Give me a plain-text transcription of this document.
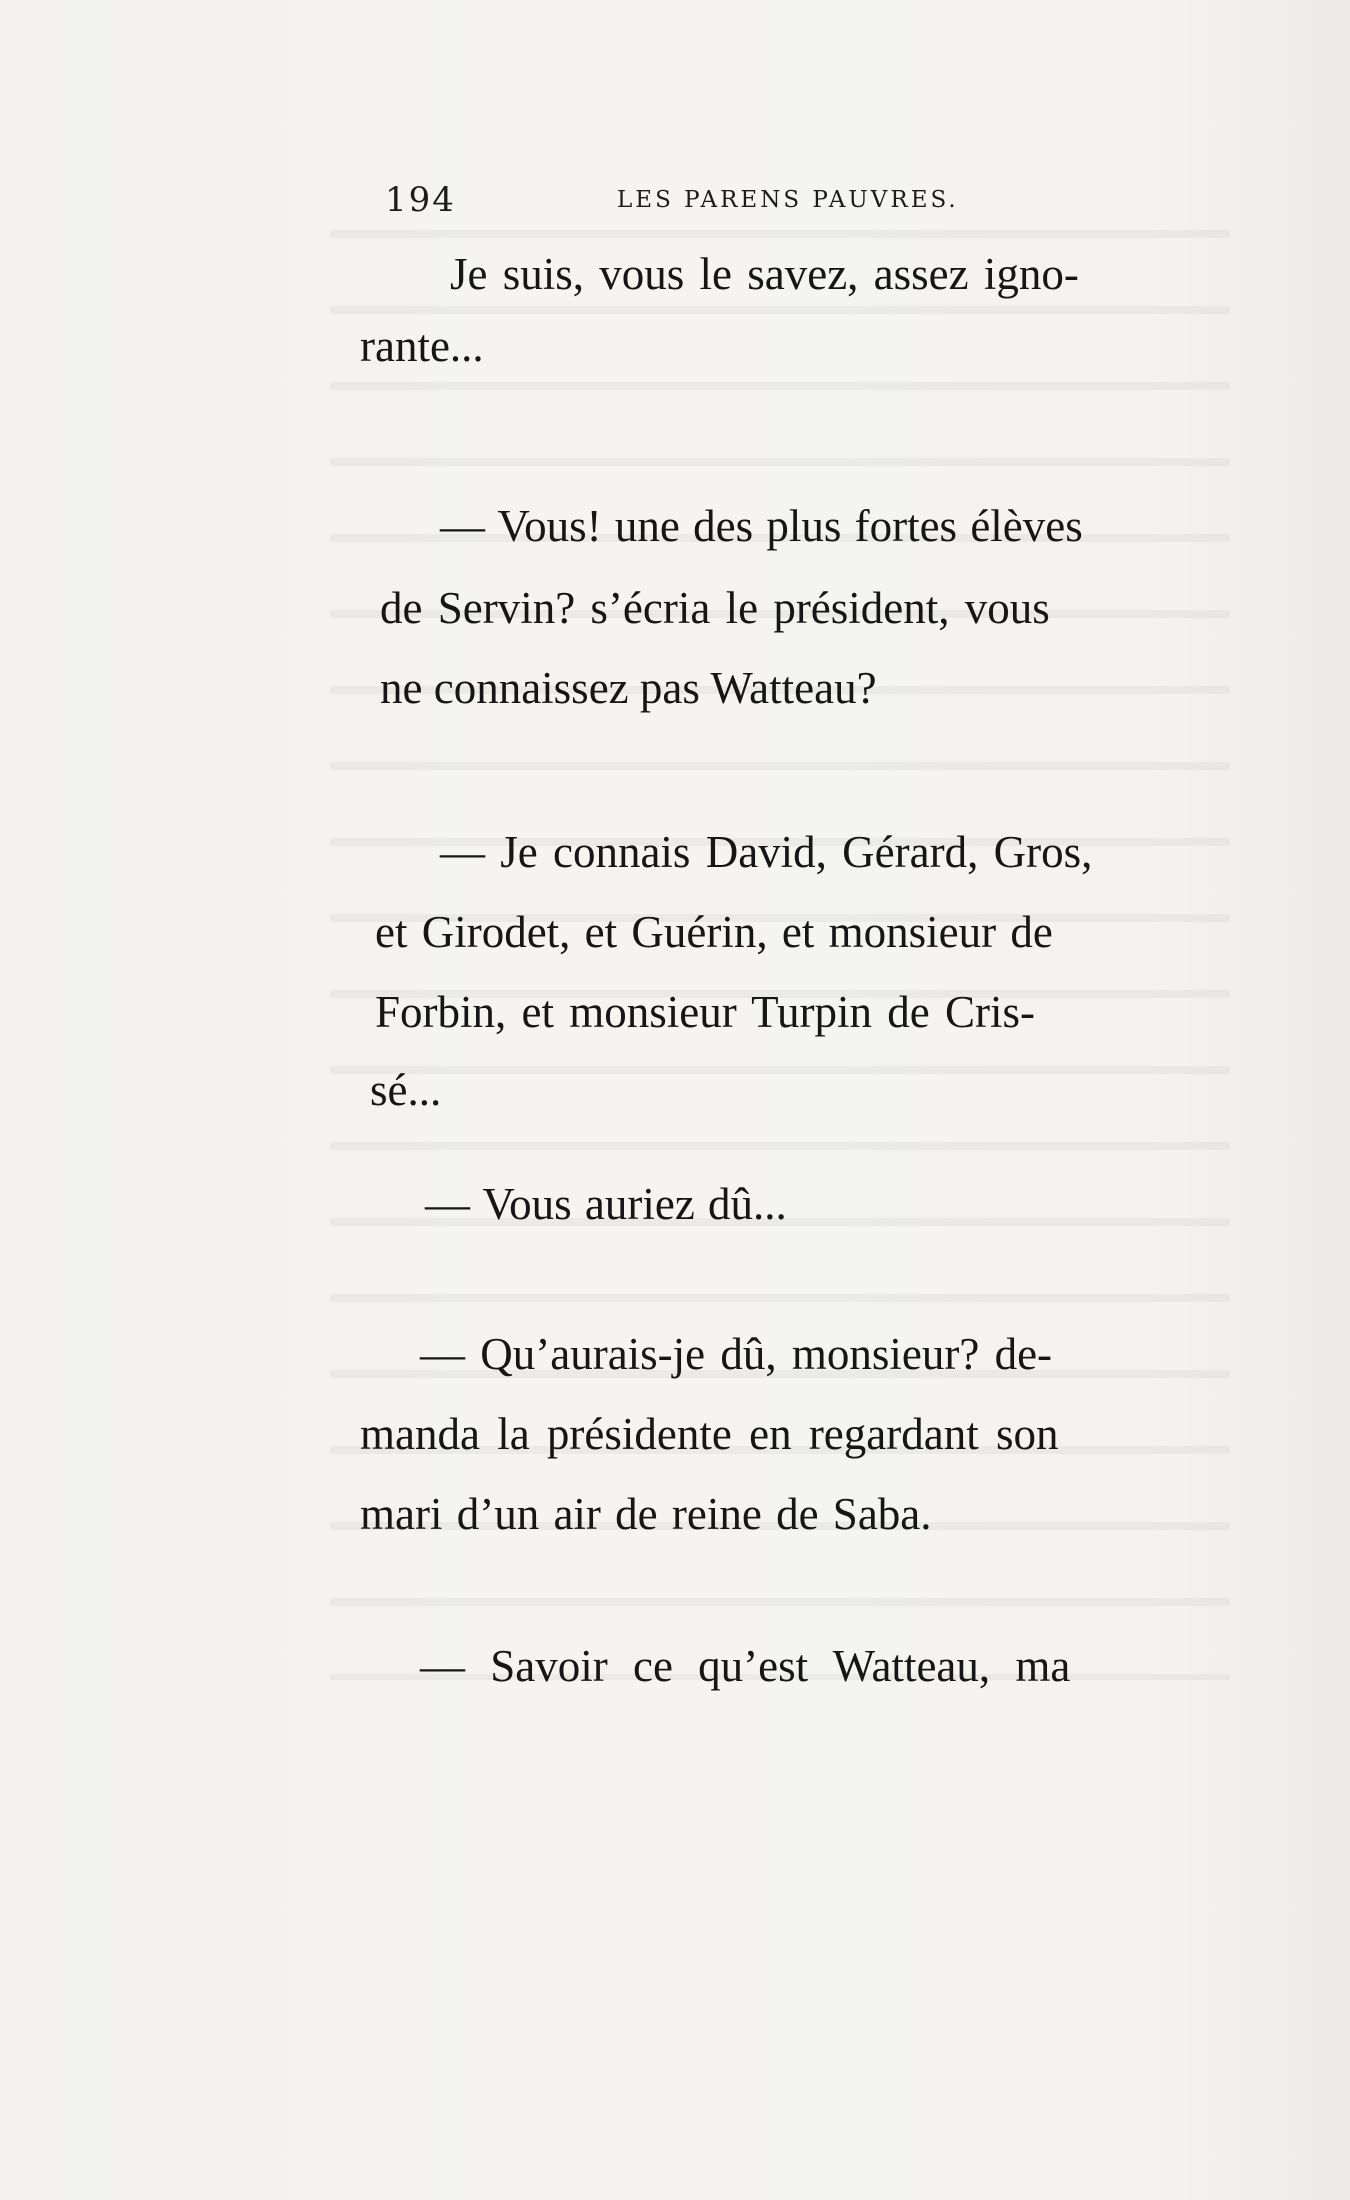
194	LES PARENS PAUVRES.
Je suis, vous le savez, assez igno-
rante...
— Vous! une des plus fortes élèves
de Servin? s’écria le président, vous
ne connaissez pas Watteau?
— Je connais David, Gérard, Gros,
et Girodet, et Guérin, et monsieur de
Forbin, et monsieur Turpin de Cris-
sé...
— Vous auriez dû...
— Qu’aurais-je dû, monsieur? de-
manda la présidente en regardant son
mari d’un air de reine de Saba.
— Savoir ce qu’est Watteau, ma
